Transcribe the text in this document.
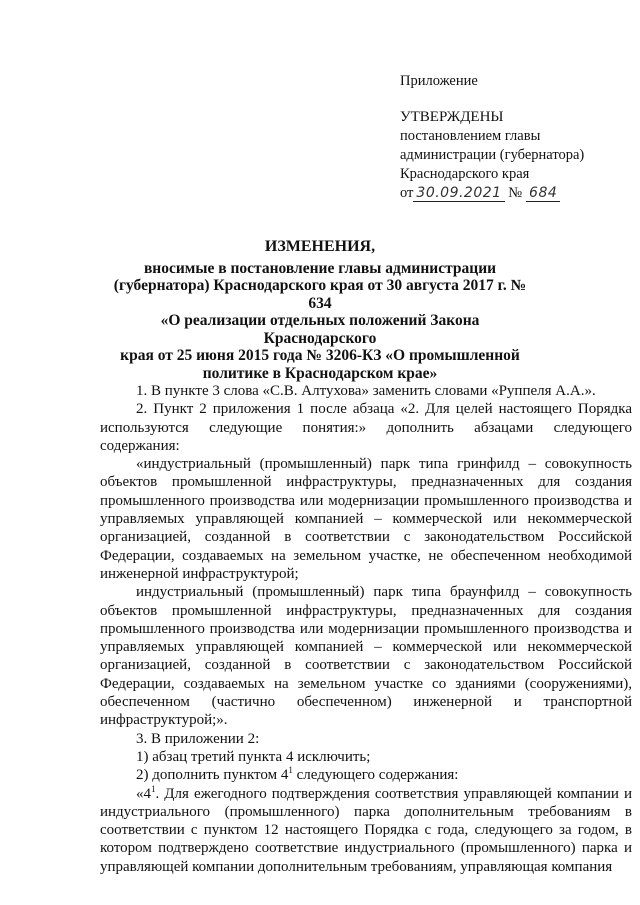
Приложение
УТВЕРЖДЕНЫ
постановлением главы
администрации (губернатора)
Краснодарского края
от 30.09.2021 № 684
ИЗМЕНЕНИЯ,
вносимые в постановление главы администрации
(губернатора) Краснодарского края от 30 августа 2017 г. № 634
«О реализации отдельных положений Закона Краснодарского
края от 25 июня 2015 года № 3206-КЗ «О промышленной
политике в Краснодарском крае»

1. В пункте 3 слова «С.В. Алтухова» заменить словами «Руппеля А.А.».

2. Пункт 2 приложения 1 после абзаца «2. Для целей настоящего Порядка используются следующие понятия:» дополнить абзацами следующего содержания:

«индустриальный (промышленный) парк типа гринфилд – совокупность объектов промышленной инфраструктуры, предназначенных для создания промышленного производства или модернизации промышленного производства и управляемых управляющей компанией – коммерческой или некоммерческой организацией, созданной в соответствии с законодательством Российской Федерации, создаваемых на земельном участке, не обеспеченном необходимой инженерной инфраструктурой;

индустриальный (промышленный) парк типа браунфилд – совокупность объектов промышленной инфраструктуры, предназначенных для создания промышленного производства или модернизации промышленного производства и управляемых управляющей компанией – коммерческой или некоммерческой организацией, созданной в соответствии с законодательством Российской Федерации, создаваемых на земельном участке со зданиями (сооружениями), обеспеченном (частично обеспеченном) инженерной и транспортной инфраструктурой;».

3. В приложении 2:

1) абзац третий пункта 4 исключить;

2) дополнить пунктом $4^1$ следующего содержания:

«$4^1$. Для ежегодного подтверждения соответствия управляющей компании и индустриального (промышленного) парка дополнительным требованиям в соответствии с пунктом 12 настоящего Порядка с года, следующего за годом, в котором подтверждено соответствие индустриального (промышленного) парка и управляющей компании дополнительным требованиям, управляющая компания
